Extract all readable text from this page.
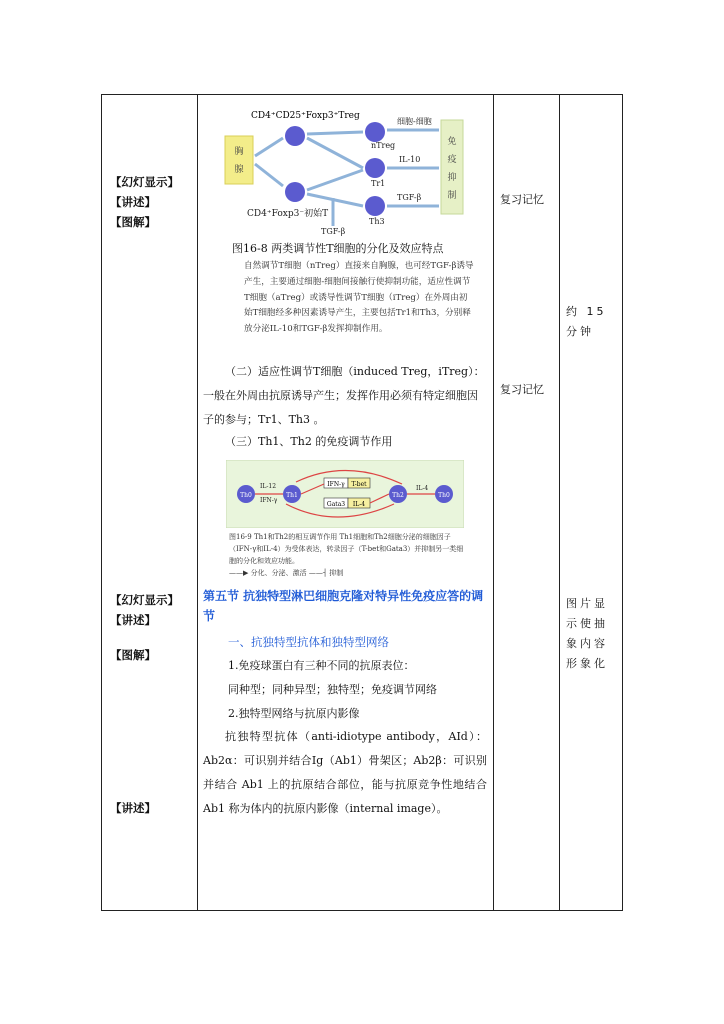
【幻灯显示】
【讲述】
【图解】
【幻灯显示】
【讲述】
【图解】
【讲述】
CD4⁺CD25⁺Foxp3⁺Treg
胸
腺
免
疫
抑
制
细胞-细胞
nTreg
IL-10
Tr1
TGF-β
Th3
CD4⁺Foxp3⁻初始T
TGF-β
图16-8 两类调节性T细胞的分化及效应特点
自然调节T细胞（nTreg）直接来自胸腺，也可经TGF-β诱导产生，主要通过细胞-细胞间接触行使抑制功能，适应性调节T细胞（aTreg）或诱导性调节T细胞（iTreg）在外周由初始T细胞经多种因素诱导产生，主要包括Tr1和Th3，分别释放分泌IL-10和TGF-β发挥抑制作用。
（二）适应性调节T细胞（induced Treg，iTreg）：一般在外周由抗原诱导产生；发挥作用必须有特定细胞因子的参与；Tr1、Th3 。
（三）Th1、Th2 的免疫调节作用
Th0
IL-12
IFN-γ
Th1
IFN-γ T-bet
Gata3 IL-4
Th2
IL-4
Th0
图16-9 Th1和Th2的相互调节作用 Th1细胞和Th2细胞分泌的细胞因子（IFN-γ和IL-4）为受体表达，转录因子（T-bet和Gata3）并抑制另一类细胞的分化和效应功能。
——▶ 分化、分泌、激活 ——┤ 抑制
第五节 抗独特型淋巴细胞克隆对特异性免疫应答的调节
一、抗独特型抗体和独特型网络
1.免疫球蛋白有三种不同的抗原表位：
同种型；同种异型；独特型；免疫调节网络
2.独特型网络与抗原内影像
抗独特型抗体（anti-idiotype antibody，AId）：Ab2α：可识别并结合Ig（Ab1）骨架区；Ab2β：可识别并结合 Ab1 上的抗原结合部位，能与抗原竞争性地结合 Ab1 称为体内的抗原内影像（internal image）。
复习记忆
复习记忆
约 15 分钟
图片显示使抽象内容形象化
